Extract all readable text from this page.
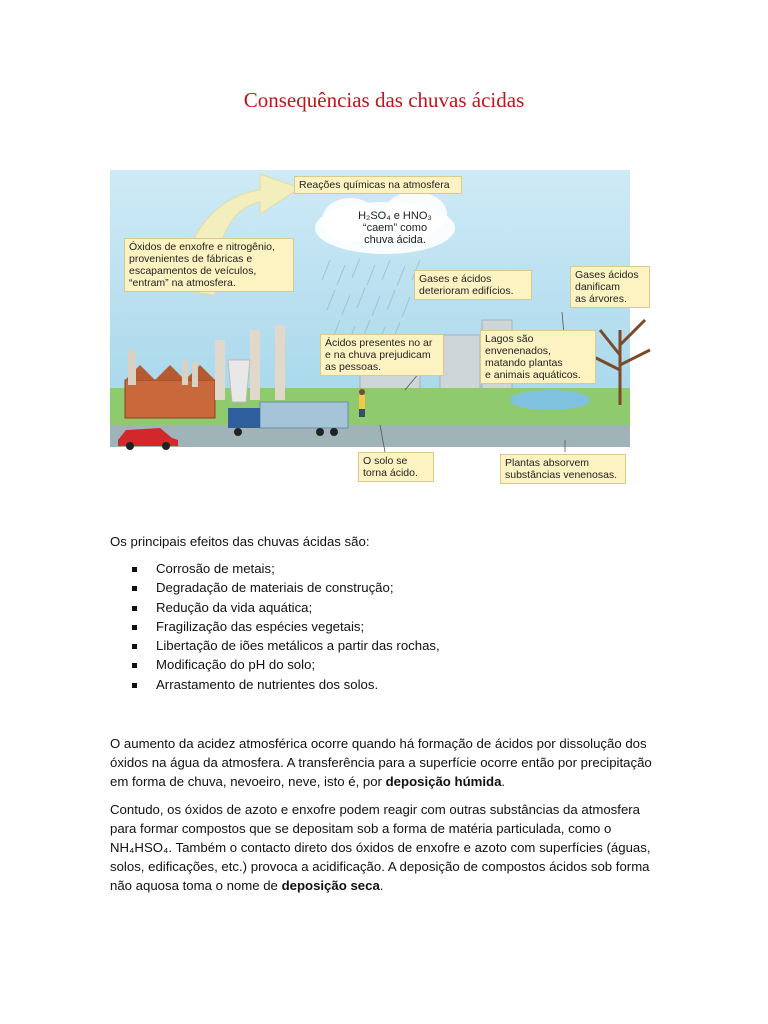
Consequências das chuvas ácidas
Reações químicas na atmosfera
H₂SO₄ e HNO₃
“caem” como
chuva ácida.
Óxidos de enxofre e nitrogênio,
provenientes de fábricas e
escapamentos de veículos,
“entram” na atmosfera.	Gases e ácidos
deterioram edifícios.
Gases ácidos
danificam
as árvores.
Ácidos presentes no ar
e na chuva prejudicam
as pessoas.
Lagos são
envenenados,
matando plantas
e animais aquáticos.
O solo se
torna ácido.
Plantas absorvem
substâncias venenosas.

Os principais efeitos das chuvas ácidas são:

Corrosão de metais;
Degradação de materiais de construção;
Redução da vida aquática;
Fragilização das espécies vegetais;
Libertação de iões metálicos a partir das rochas,
Modificação do pH do solo;
Arrastamento de nutrientes dos solos.

O aumento da acidez atmosférica ocorre quando há formação de ácidos por dissolução dos óxidos na água da atmosfera. A transferência para a superfície ocorre então por precipitação em forma de chuva, nevoeiro, neve, isto é, por deposição húmida.

Contudo, os óxidos de azoto e enxofre podem reagir com outras substâncias da atmosfera para formar compostos que se depositam sob a forma de matéria particulada, como o NH₄HSO₄. Também o contacto direto dos óxidos de enxofre e azoto com superfícies (águas, solos, edificações, etc.) provoca a acidificação. A deposição de compostos ácidos sob forma não aquosa toma o nome de deposição seca.
